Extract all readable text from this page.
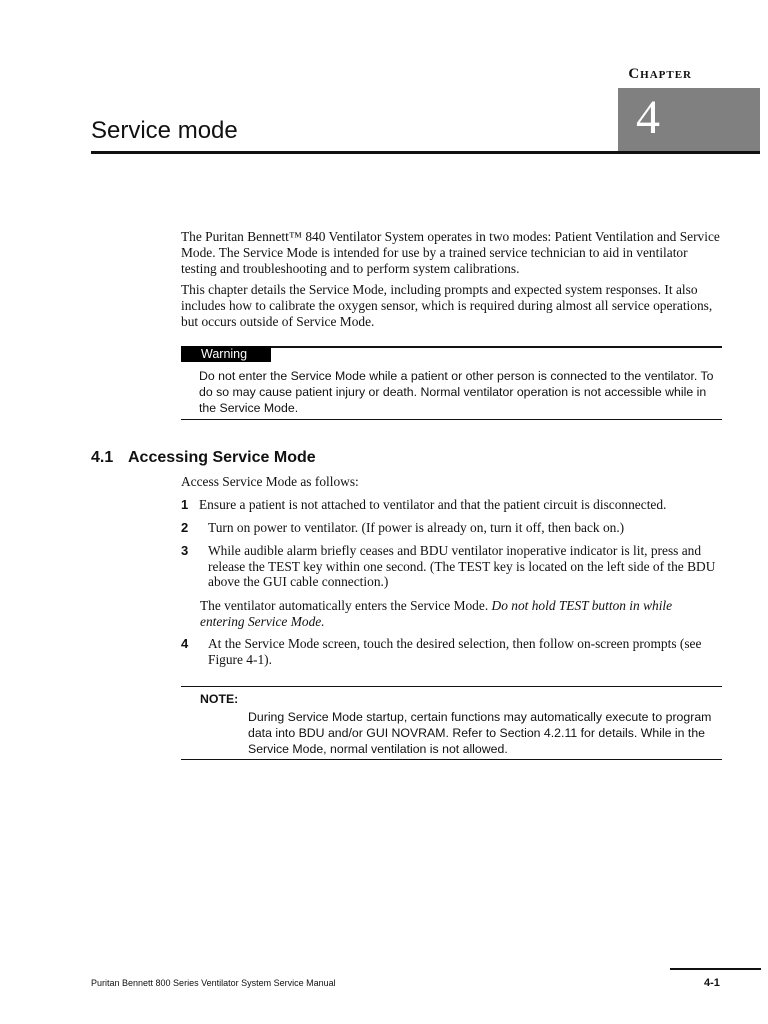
Chapter
4
Service mode
The Puritan Bennett™ 840 Ventilator System operates in two modes: Patient Ventilation and Service Mode. The Service Mode is intended for use by a trained service technician to aid in ventilator testing and troubleshooting and to perform system calibrations.
This chapter details the Service Mode, including prompts and expected system responses. It also includes how to calibrate the oxygen sensor, which is required during almost all service operations, but occurs outside of Service Mode.
Warning
Do not enter the Service Mode while a patient or other person is connected to the ventilator. To do so may cause patient injury or death. Normal ventilator operation is not accessible while in the Service Mode.
4.1 Accessing Service Mode
Access Service Mode as follows:
1 Ensure a patient is not attached to ventilator and that the patient circuit is disconnected.
2 Turn on power to ventilator. (If power is already on, turn it off, then back on.)
3 While audible alarm briefly ceases and BDU ventilator inoperative indicator is lit, press and release the TEST key within one second. (The TEST key is located on the left side of the BDU above the GUI cable connection.)
The ventilator automatically enters the Service Mode. Do not hold TEST button in while entering Service Mode.
4 At the Service Mode screen, touch the desired selection, then follow on-screen prompts (see Figure 4-1).
NOTE:
During Service Mode startup, certain functions may automatically execute to program data into BDU and/or GUI NOVRAM. Refer to Section 4.2.11 for details. While in the Service Mode, normal ventilation is not allowed.
Puritan Bennett 800 Series Ventilator System Service Manual	4-1
